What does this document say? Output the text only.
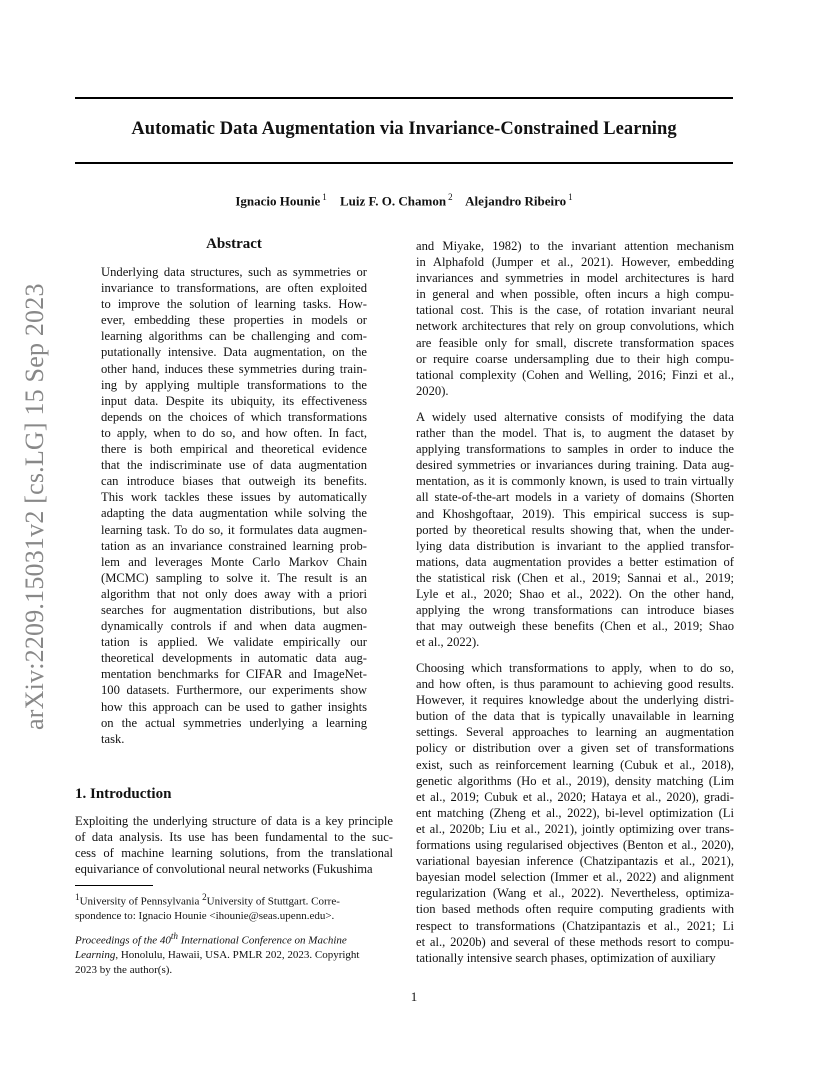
Automatic Data Augmentation via Invariance-Constrained Learning
Ignacio Hounie $^1$ Luiz F. O. Chamon $^2$ Alejandro Ribeiro $^1$
arXiv:2209.15031v2 [cs.LG] 15 Sep 2023
Abstract
Underlying data structures, such as symmetries or
invariance to transformations, are often exploited
to improve the solution of learning tasks. How-
ever, embedding these properties in models or
learning algorithms can be challenging and com-
putationally intensive. Data augmentation, on the
other hand, induces these symmetries during train-
ing by applying multiple transformations to the
input data. Despite its ubiquity, its effectiveness
depends on the choices of which transformations
to apply, when to do so, and how often. In fact,
there is both empirical and theoretical evidence
that the indiscriminate use of data augmentation
can introduce biases that outweigh its benefits.
This work tackles these issues by automatically
adapting the data augmentation while solving the
learning task. To do so, it formulates data augmen-
tation as an invariance constrained learning prob-
lem and leverages Monte Carlo Markov Chain
(MCMC) sampling to solve it. The result is an
algorithm that not only does away with a priori
searches for augmentation distributions, but also
dynamically controls if and when data augmen-
tation is applied. We validate empirically our
theoretical developments in automatic data aug-
mentation benchmarks for CIFAR and ImageNet-
100 datasets. Furthermore, our experiments show
how this approach can be used to gather insights
on the actual symmetries underlying a learning
task.
1. Introduction
Exploiting the underlying structure of data is a key principle
of data analysis. Its use has been fundamental to the suc-
cess of machine learning solutions, from the translational
equivariance of convolutional neural networks (Fukushima
$^1$University of Pennsylvania $^2$University of Stuttgart. Corre-
spondence to: Ignacio Hounie <ihounie@seas.upenn.edu>.
Proceedings of the 40th International Conference on Machine
Learning, Honolulu, Hawaii, USA. PMLR 202, 2023. Copyright
2023 by the author(s).
and Miyake, 1982) to the invariant attention mechanism
in Alphafold (Jumper et al., 2021). However, embedding
invariances and symmetries in model architectures is hard
in general and when possible, often incurs a high compu-
tational cost. This is the case, of rotation invariant neural
network architectures that rely on group convolutions, which
are feasible only for small, discrete transformation spaces
or require coarse undersampling due to their high compu-
tational complexity (Cohen and Welling, 2016; Finzi et al.,
2020).
A widely used alternative consists of modifying the data
rather than the model. That is, to augment the dataset by
applying transformations to samples in order to induce the
desired symmetries or invariances during training. Data aug-
mentation, as it is commonly known, is used to train virtually
all state-of-the-art models in a variety of domains (Shorten
and Khoshgoftaar, 2019). This empirical success is sup-
ported by theoretical results showing that, when the under-
lying data distribution is invariant to the applied transfor-
mations, data augmentation provides a better estimation of
the statistical risk (Chen et al., 2019; Sannai et al., 2019;
Lyle et al., 2020; Shao et al., 2022). On the other hand,
applying the wrong transformations can introduce biases
that may outweigh these benefits (Chen et al., 2019; Shao
et al., 2022).
Choosing which transformations to apply, when to do so,
and how often, is thus paramount to achieving good results.
However, it requires knowledge about the underlying distri-
bution of the data that is typically unavailable in learning
settings. Several approaches to learning an augmentation
policy or distribution over a given set of transformations
exist, such as reinforcement learning (Cubuk et al., 2018),
genetic algorithms (Ho et al., 2019), density matching (Lim
et al., 2019; Cubuk et al., 2020; Hataya et al., 2020), gradi-
ent matching (Zheng et al., 2022), bi-level optimization (Li
et al., 2020b; Liu et al., 2021), jointly optimizing over trans-
formations using regularised objectives (Benton et al., 2020),
variational bayesian inference (Chatzipantazis et al., 2021),
bayesian model selection (Immer et al., 2022) and alignment
regularization (Wang et al., 2022). Nevertheless, optimiza-
tion based methods often require computing gradients with
respect to transformations (Chatzipantazis et al., 2021; Li
et al., 2020b) and several of these methods resort to compu-
tationally intensive search phases, optimization of auxiliary
1
